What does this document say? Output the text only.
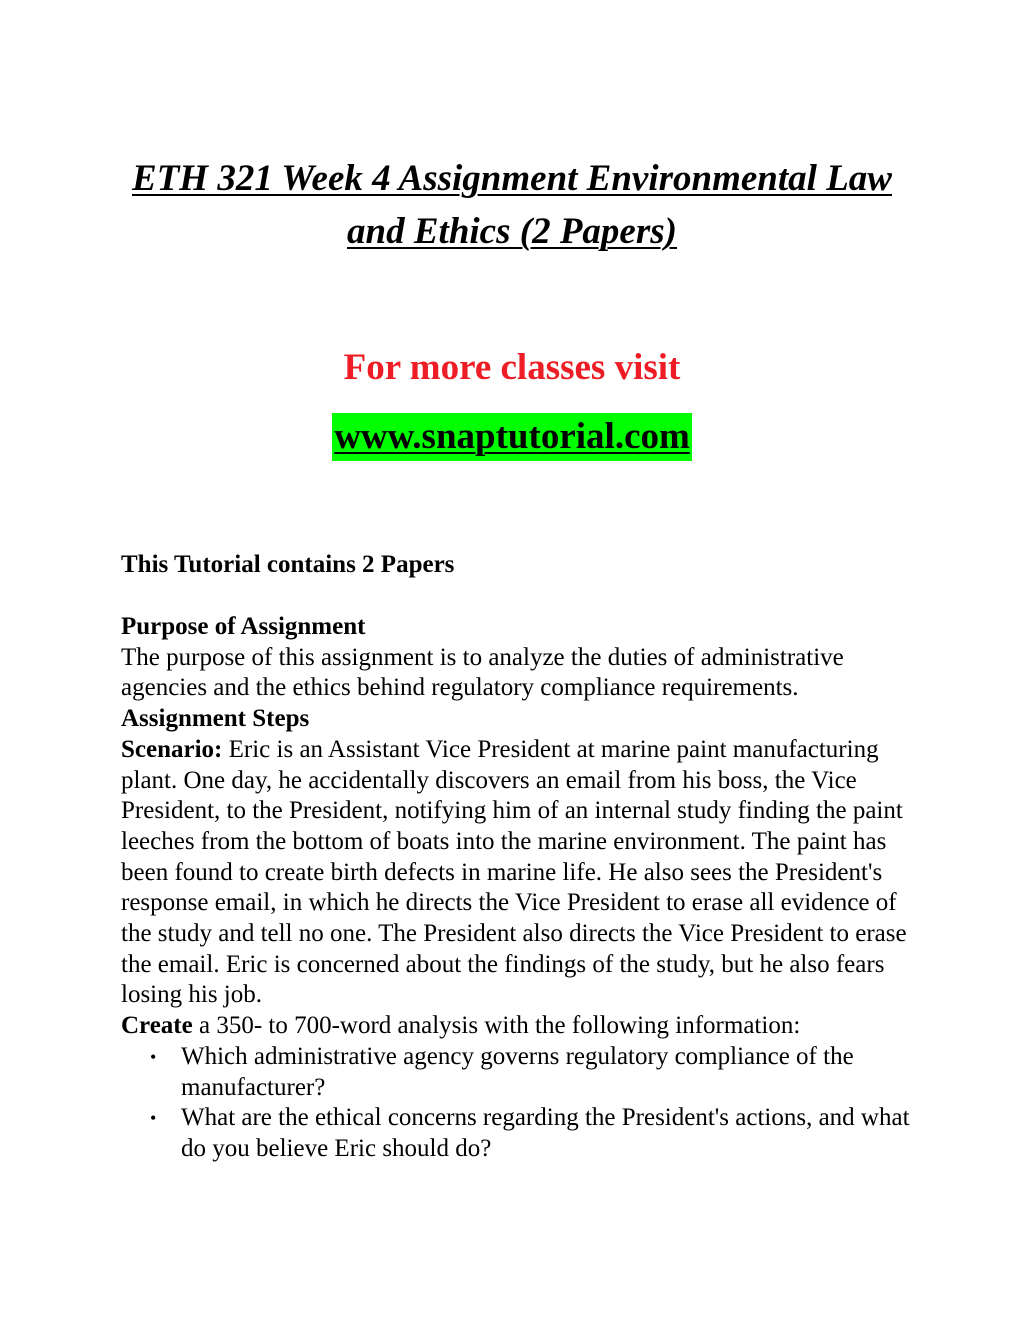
ETH 321 Week 4 Assignment Environmental Law and Ethics (2 Papers)

For more classes visit

www.snaptutorial.com
This Tutorial contains 2 Papers

Purpose of Assignment

The purpose of this assignment is to analyze the duties of administrative agencies and the ethics behind regulatory compliance requirements.

Assignment Steps

Scenario: Eric is an Assistant Vice President at marine paint manufacturing plant. One day, he accidentally discovers an email from his boss, the Vice President, to the President, notifying him of an internal study finding the paint leeches from the bottom of boats into the marine environment. The paint has been found to create birth defects in marine life. He also sees the President's response email, in which he directs the Vice President to erase all evidence of the study and tell no one. The President also directs the Vice President to erase the email. Eric is concerned about the findings of the study, but he also fears losing his job.

Create a 350- to 700-word analysis with the following information:

• Which administrative agency governs regulatory compliance of the manufacturer?
• What are the ethical concerns regarding the President's actions, and what do you believe Eric should do?
